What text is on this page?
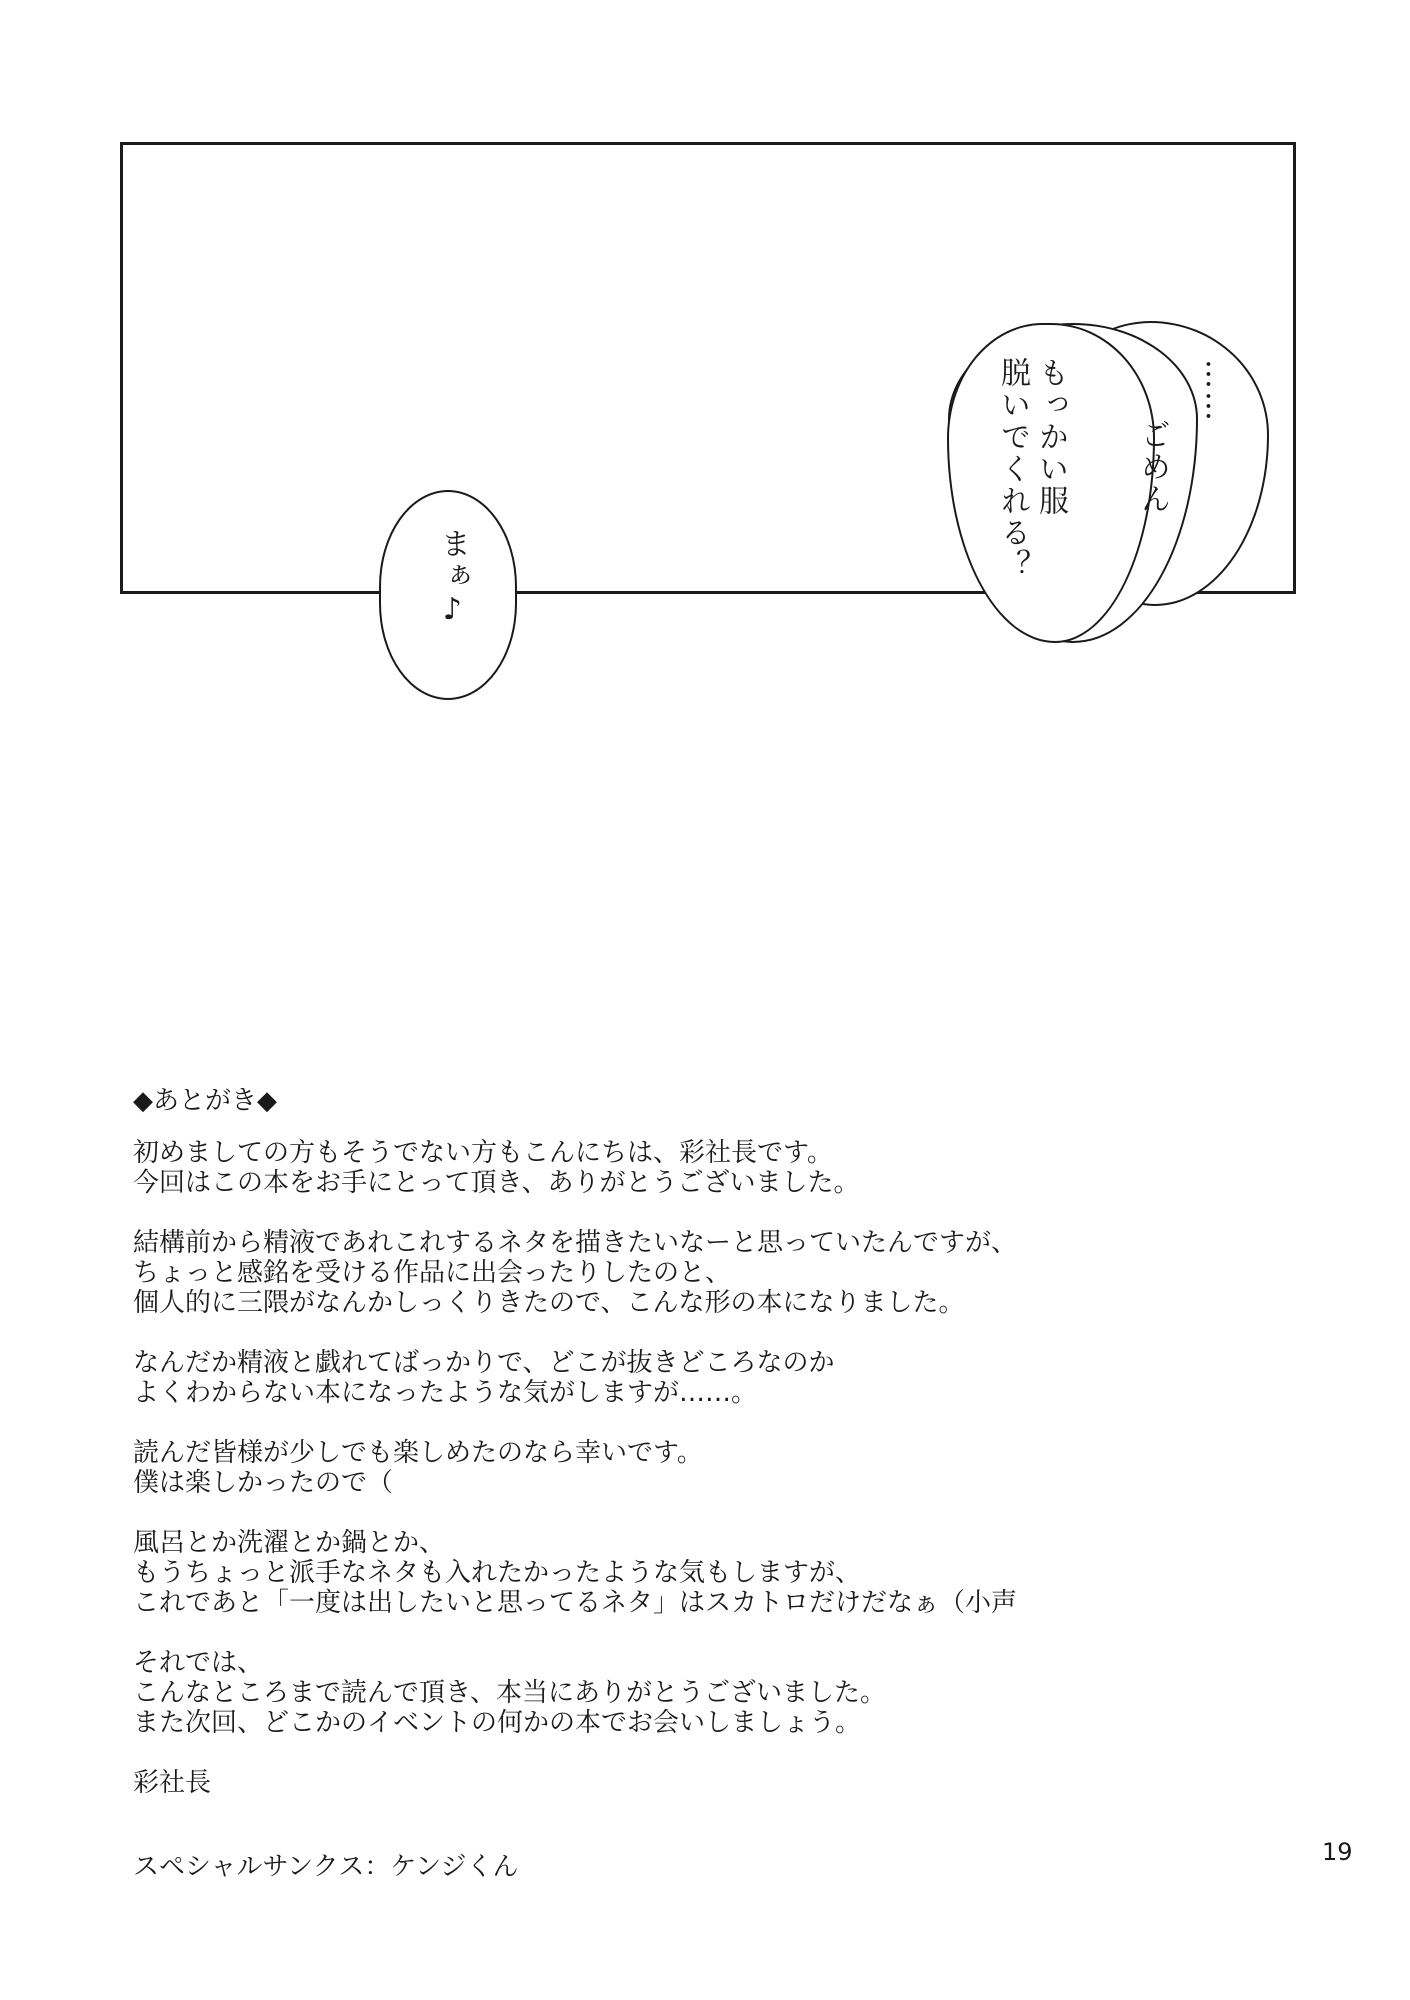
……
ごめん
もっかい服
脱いでくれる？
まぁ♪
◆あとがき◆
初めましての方もそうでない方もこんにちは、彩社長です。
今回はこの本をお手にとって頂き、ありがとうございました。
結構前から精液であれこれするネタを描きたいなーと思っていたんですが、
ちょっと感銘を受ける作品に出会ったりしたのと、
個人的に三隈がなんかしっくりきたので、こんな形の本になりました。
なんだか精液と戯れてばっかりで、どこが抜きどころなのか
よくわからない本になったような気がしますが……。
読んだ皆様が少しでも楽しめたのなら幸いです。
僕は楽しかったので（
風呂とか洗濯とか鍋とか、
もうちょっと派手なネタも入れたかったような気もしますが、
これであと「一度は出したいと思ってるネタ」はスカトロだけだなぁ（小声
それでは、
こんなところまで読んで頂き、本当にありがとうございました。
また次回、どこかのイベントの何かの本でお会いしましょう。
彩社長
スペシャルサンクス：ケンジくん	19
